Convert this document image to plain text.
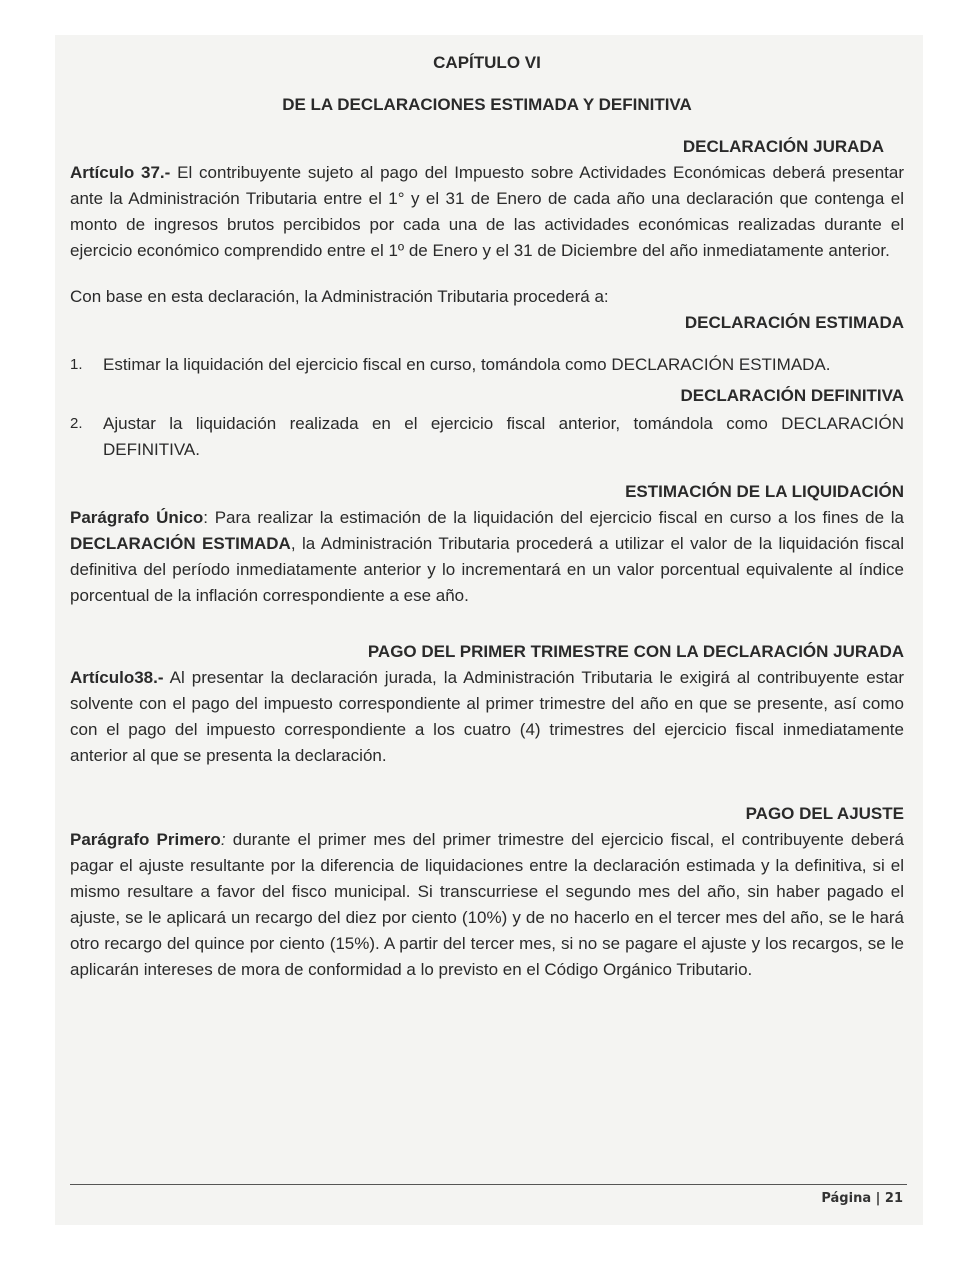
CAPÍTULO VI
DE LA DECLARACIONES ESTIMADA Y DEFINITIVA
DECLARACIÓN JURADA

Artículo 37.- El contribuyente sujeto al pago del Impuesto sobre Actividades Económicas deberá presentar ante la Administración Tributaria entre el 1° y el 31 de Enero de cada año una declaración que contenga el monto de ingresos brutos percibidos por cada una de las actividades económicas realizadas durante el ejercicio económico comprendido entre el 1º de Enero y el 31 de Diciembre del año inmediatamente anterior.

Con base en esta declaración, la Administración Tributaria procederá a:

DECLARACIÓN ESTIMADA
1.	Estimar la liquidación del ejercicio fiscal en curso, tomándola como DECLARACIÓN ESTIMADA.
DECLARACIÓN DEFINITIVA
2.	Ajustar la liquidación realizada en el ejercicio fiscal anterior, tomándola como DECLARACIÓN DEFINITIVA.
ESTIMACIÓN DE LA LIQUIDACIÓN

Parágrafo Único: Para realizar la estimación de la liquidación del ejercicio fiscal en curso a los fines de la DECLARACIÓN ESTIMADA, la Administración Tributaria procederá a utilizar el valor de la liquidación fiscal definitiva del período inmediatamente anterior y lo incrementará en un valor porcentual equivalente al índice porcentual de la inflación correspondiente a ese año.

PAGO DEL PRIMER TRIMESTRE CON LA DECLARACIÓN JURADA

Artículo38.- Al presentar la declaración jurada, la Administración Tributaria le exigirá al contribuyente estar solvente con el pago del impuesto correspondiente al primer trimestre del año en que se presente, así como con el pago del impuesto correspondiente a los cuatro (4) trimestres del ejercicio fiscal inmediatamente anterior al que se presenta la declaración.

PAGO DEL AJUSTE

Parágrafo Primero: durante el primer mes del primer trimestre del ejercicio fiscal, el contribuyente deberá pagar el ajuste resultante por la diferencia de liquidaciones entre la declaración estimada y la definitiva, si el mismo resultare a favor del fisco municipal. Si transcurriese el segundo mes del año, sin haber pagado el ajuste, se le aplicará un recargo del diez por ciento (10%) y de no hacerlo en el tercer mes del año, se le hará otro recargo del quince por ciento (15%). A partir del tercer mes, si no se pagare el ajuste y los recargos, se le aplicarán intereses de mora de conformidad a lo previsto en el Código Orgánico Tributario.

Página | 21
